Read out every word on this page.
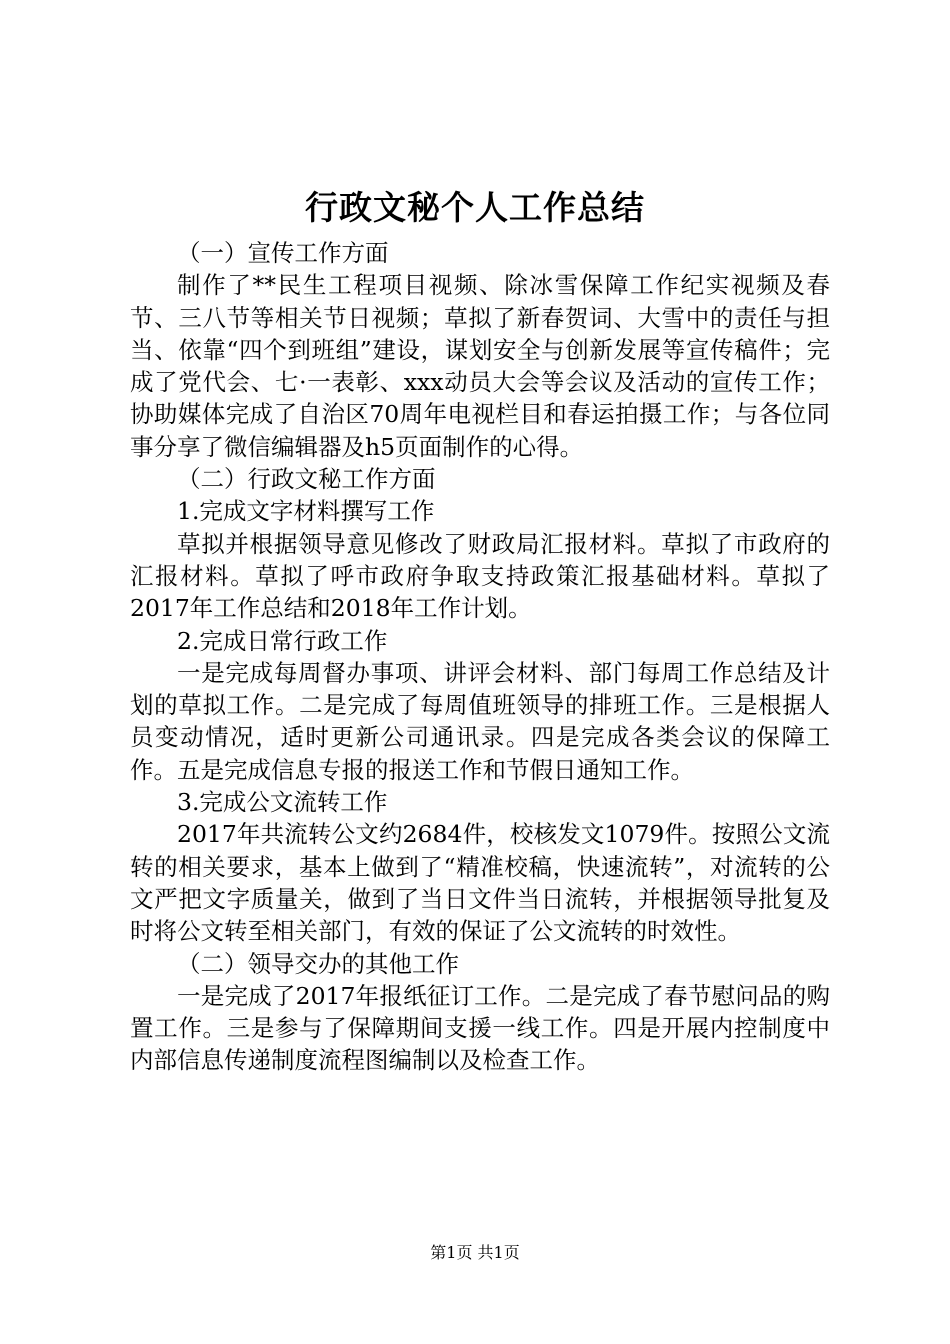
行政文秘个人工作总结

（一）宣传工作方面

制作了**民生工程项目视频、除冰雪保障工作纪实视频及春节、三八节等相关节日视频；草拟了新春贺词、大雪中的责任与担当、依靠“四个到班组”建设，谋划安全与创新发展等宣传稿件；完成了党代会、七·一表彰、xxx动员大会等会议及活动的宣传工作；协助媒体完成了自治区70周年电视栏目和春运拍摄工作；与各位同事分享了微信编辑器及h5页面制作的心得。

（二）行政文秘工作方面

1.完成文字材料撰写工作

草拟并根据领导意见修改了财政局汇报材料。草拟了市政府的汇报材料。草拟了呼市政府争取支持政策汇报基础材料。草拟了2017年工作总结和2018年工作计划。

2.完成日常行政工作

一是完成每周督办事项、讲评会材料、部门每周工作总结及计划的草拟工作。二是完成了每周值班领导的排班工作。三是根据人员变动情况，适时更新公司通讯录。四是完成各类会议的保障工作。五是完成信息专报的报送工作和节假日通知工作。

3.完成公文流转工作

2017年共流转公文约2684件，校核发文1079件。按照公文流转的相关要求，基本上做到了“精准校稿，快速流转”，对流转的公文严把文字质量关，做到了当日文件当日流转，并根据领导批复及时将公文转至相关部门，有效的保证了公文流转的时效性。

（二）领导交办的其他工作

一是完成了2017年报纸征订工作。二是完成了春节慰问品的购置工作。三是参与了保障期间支援一线工作。四是开展内控制度中内部信息传递制度流程图编制以及检查工作。

第1页 共1页
